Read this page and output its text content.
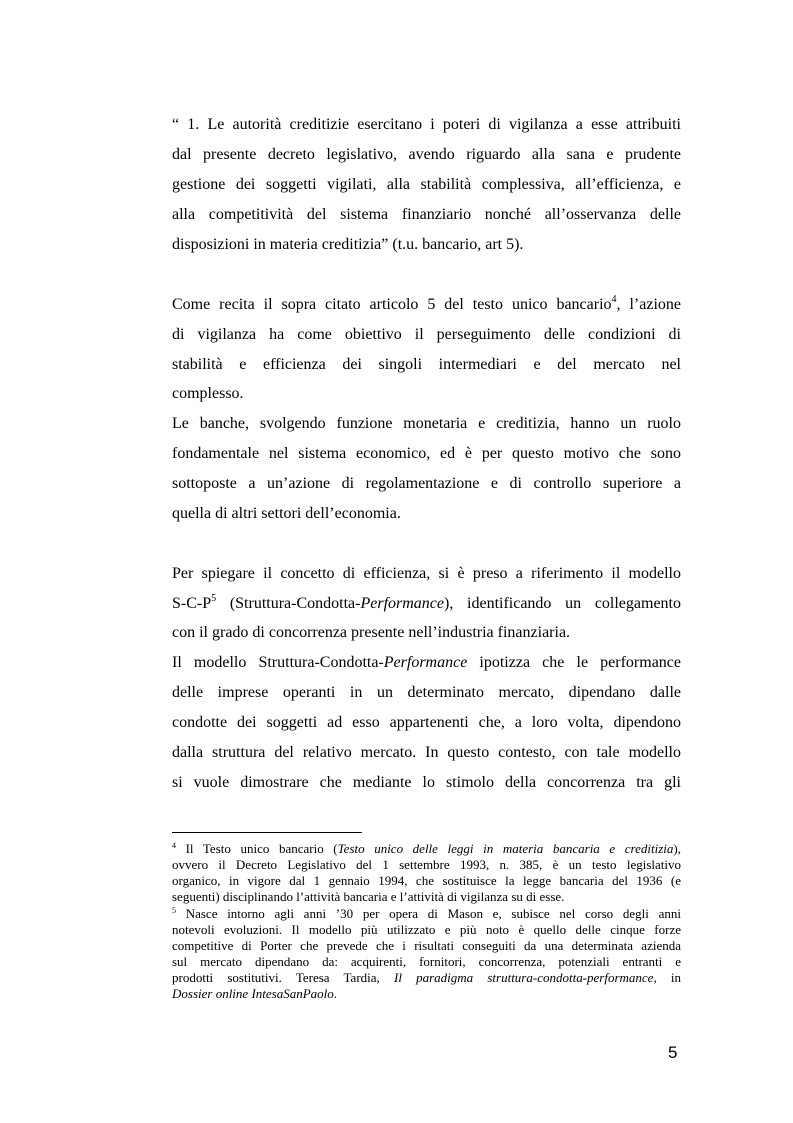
“ 1. Le autorità creditizie esercitano i poteri di vigilanza a esse attribuiti
dal presente decreto legislativo, avendo riguardo alla sana e prudente
gestione dei soggetti vigilati, alla stabilità complessiva, all’efficienza, e
alla competitività del sistema finanziario nonché all’osservanza delle
disposizioni in materia creditizia” (t.u. bancario, art 5).
Come recita il sopra citato articolo 5 del testo unico bancario$^4$, l’azione
di vigilanza ha come obiettivo il perseguimento delle condizioni di
stabilità e efficienza dei singoli intermediari e del mercato nel
complesso.
Le banche, svolgendo funzione monetaria e creditizia, hanno un ruolo
fondamentale nel sistema economico, ed è per questo motivo che sono
sottoposte a un’azione di regolamentazione e di controllo superiore a
quella di altri settori dell’economia.
Per spiegare il concetto di efficienza, si è preso a riferimento il modello
$S-C-P^5$ (Struttura-Condotta-Performance), identificando un collegamento
con il grado di concorrenza presente nell’industria finanziaria.
Il modello Struttura-Condotta-Performance ipotizza che le performance
delle imprese operanti in un determinato mercato, dipendano dalle
condotte dei soggetti ad esso appartenenti che, a loro volta, dipendono
dalla struttura del relativo mercato. In questo contesto, con tale modello
si vuole dimostrare che mediante lo stimolo della concorrenza tra gli
$^4$ Il Testo unico bancario (Testo unico delle leggi in materia bancaria e creditizia),
ovvero il Decreto Legislativo del 1 settembre 1993, n. 385, è un testo legislativo
organico, in vigore dal 1 gennaio 1994, che sostituisce la legge bancaria del 1936 (e
seguenti) disciplinando l’attività bancaria e l’attività di vigilanza su di esse.
$^5$ Nasce intorno agli anni ’30 per opera di Mason e, subisce nel corso degli anni
notevoli evoluzioni. Il modello più utilizzato e più noto è quello delle cinque forze
competitive di Porter che prevede che i risultati conseguiti da una determinata azienda
sul mercato dipendano da: acquirenti, fornitori, concorrenza, potenziali entranti e
prodotti sostitutivi. Teresa Tardia, Il paradigma struttura-condotta-performance, in
Dossier online IntesaSanPaolo.
5
